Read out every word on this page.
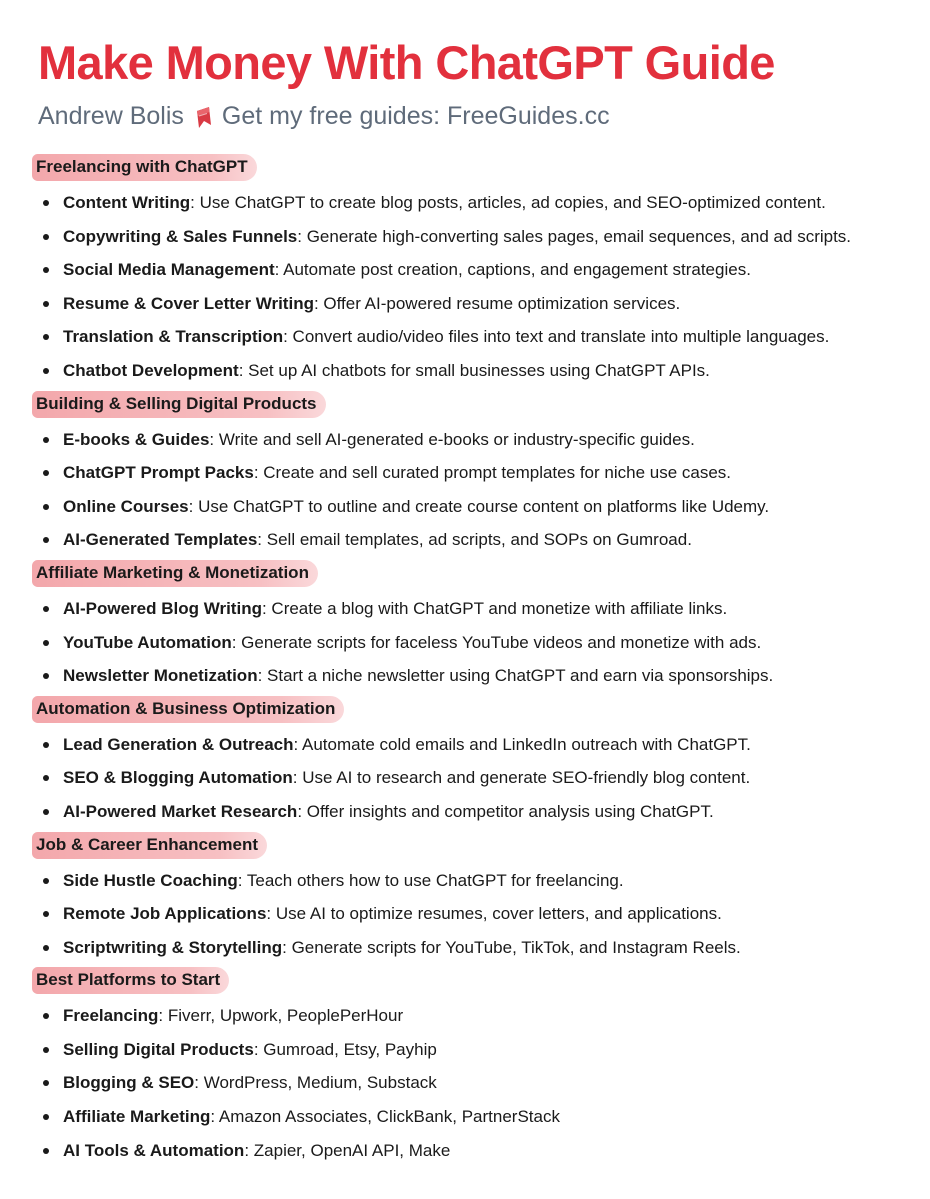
Make Money With ChatGPT Guide
Andrew Bolis Get my free guides: FreeGuides.cc
Freelancing with ChatGPT
Content Writing: Use ChatGPT to create blog posts, articles, ad copies, and SEO-optimized content.
Copywriting & Sales Funnels: Generate high-converting sales pages, email sequences, and ad scripts.
Social Media Management: Automate post creation, captions, and engagement strategies.
Resume & Cover Letter Writing: Offer AI-powered resume optimization services.
Translation & Transcription: Convert audio/video files into text and translate into multiple languages.
Chatbot Development: Set up AI chatbots for small businesses using ChatGPT APIs.
Building & Selling Digital Products
E-books & Guides: Write and sell AI-generated e-books or industry-specific guides.
ChatGPT Prompt Packs: Create and sell curated prompt templates for niche use cases.
Online Courses: Use ChatGPT to outline and create course content on platforms like Udemy.
AI-Generated Templates: Sell email templates, ad scripts, and SOPs on Gumroad.
Affiliate Marketing & Monetization
AI-Powered Blog Writing: Create a blog with ChatGPT and monetize with affiliate links.
YouTube Automation: Generate scripts for faceless YouTube videos and monetize with ads.
Newsletter Monetization: Start a niche newsletter using ChatGPT and earn via sponsorships.
Automation & Business Optimization
Lead Generation & Outreach: Automate cold emails and LinkedIn outreach with ChatGPT.
SEO & Blogging Automation: Use AI to research and generate SEO-friendly blog content.
AI-Powered Market Research: Offer insights and competitor analysis using ChatGPT.
Job & Career Enhancement
Side Hustle Coaching: Teach others how to use ChatGPT for freelancing.
Remote Job Applications: Use AI to optimize resumes, cover letters, and applications.
Scriptwriting & Storytelling: Generate scripts for YouTube, TikTok, and Instagram Reels.
Best Platforms to Start
Freelancing: Fiverr, Upwork, PeoplePerHour
Selling Digital Products: Gumroad, Etsy, Payhip
Blogging & SEO: WordPress, Medium, Substack
Affiliate Marketing: Amazon Associates, ClickBank, PartnerStack
AI Tools & Automation: Zapier, OpenAI API, Make
